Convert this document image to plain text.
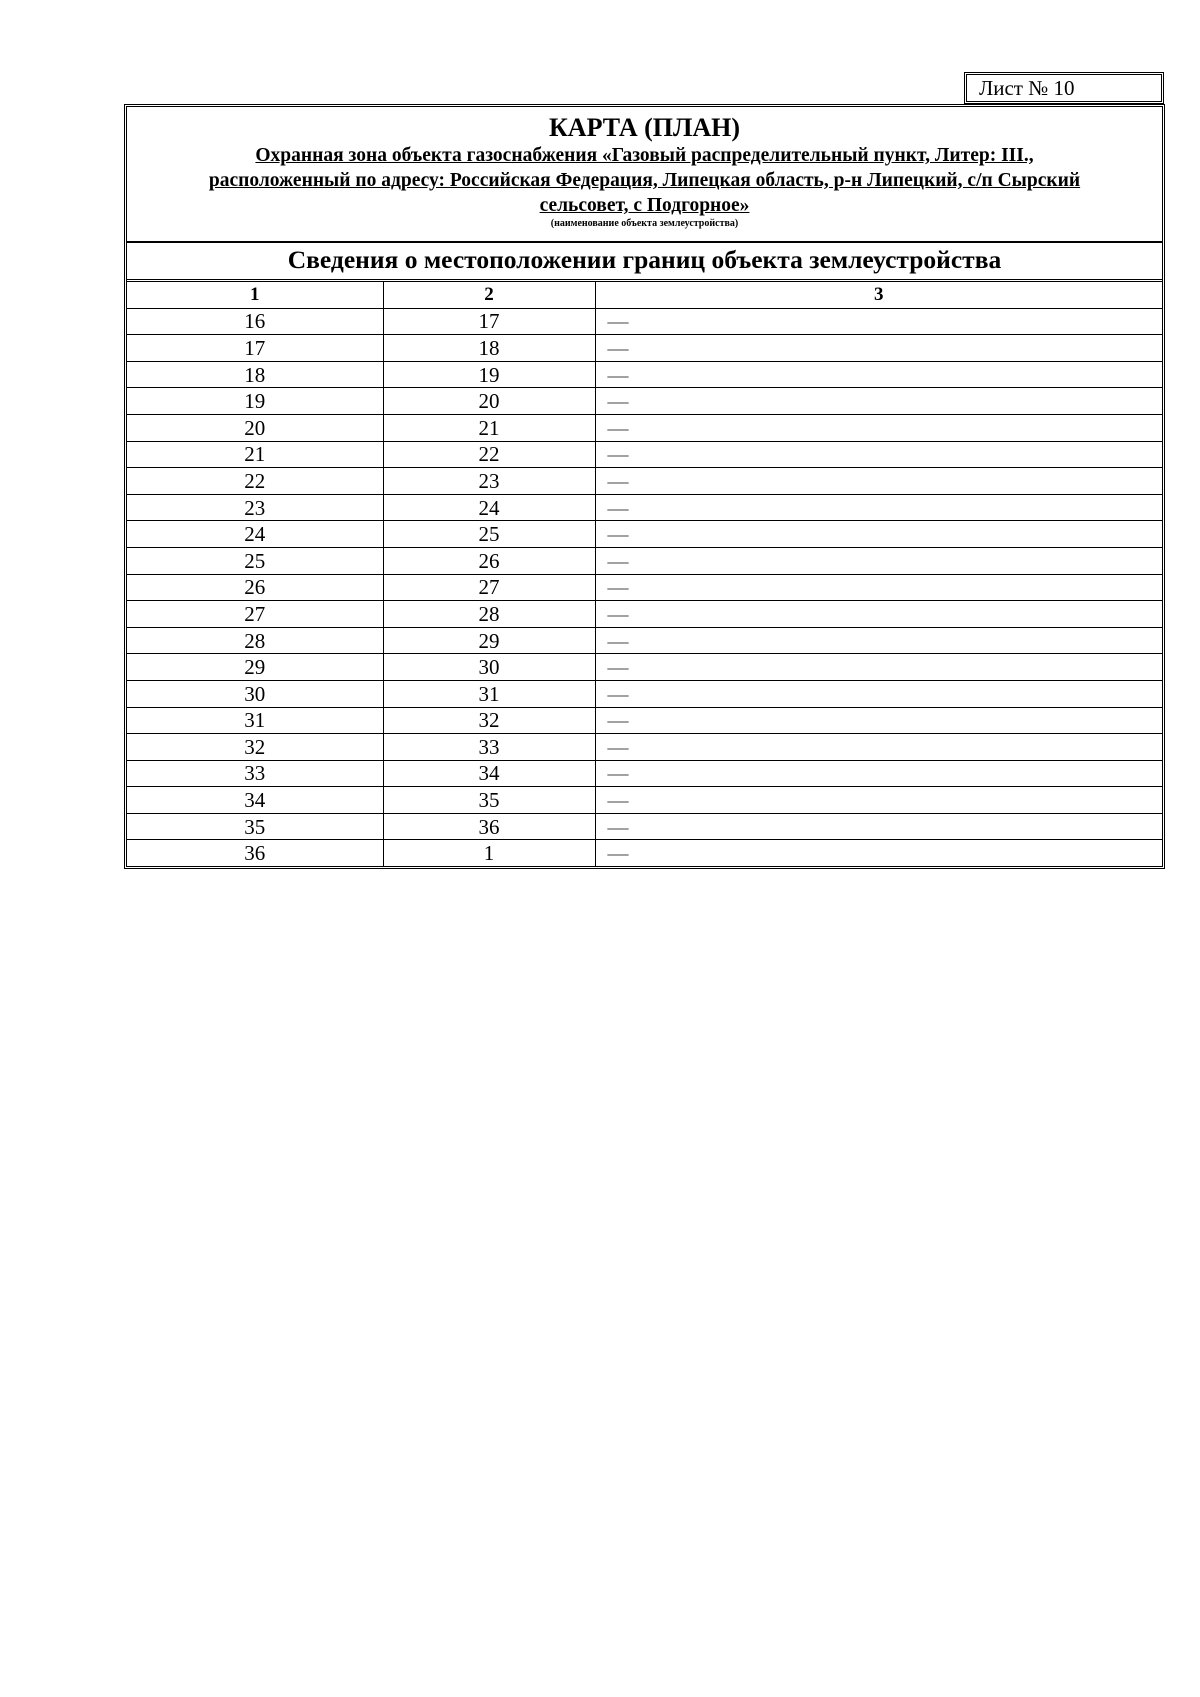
Лист № 10
КАРТА (ПЛАН)
Охранная зона объекта газоснабжения «Газовый распределительный пункт, Литер: III.,
расположенный по адресу: Российская Федерация, Липецкая область, р-н Липецкий, с/п Сырский
сельсовет, с Подгорное»
(наименование объекта землеустройства)
Сведения о местоположении границ объекта землеустройства
1	2	3
16	17	—
17	18	—
18	19	—
19	20	—
20	21	—
21	22	—
22	23	—
23	24	—
24	25	—
25	26	—
26	27	—
27	28	—
28	29	—
29	30	—
30	31	—
31	32	—
32	33	—
33	34	—
34	35	—
35	36	—
36	1	—
